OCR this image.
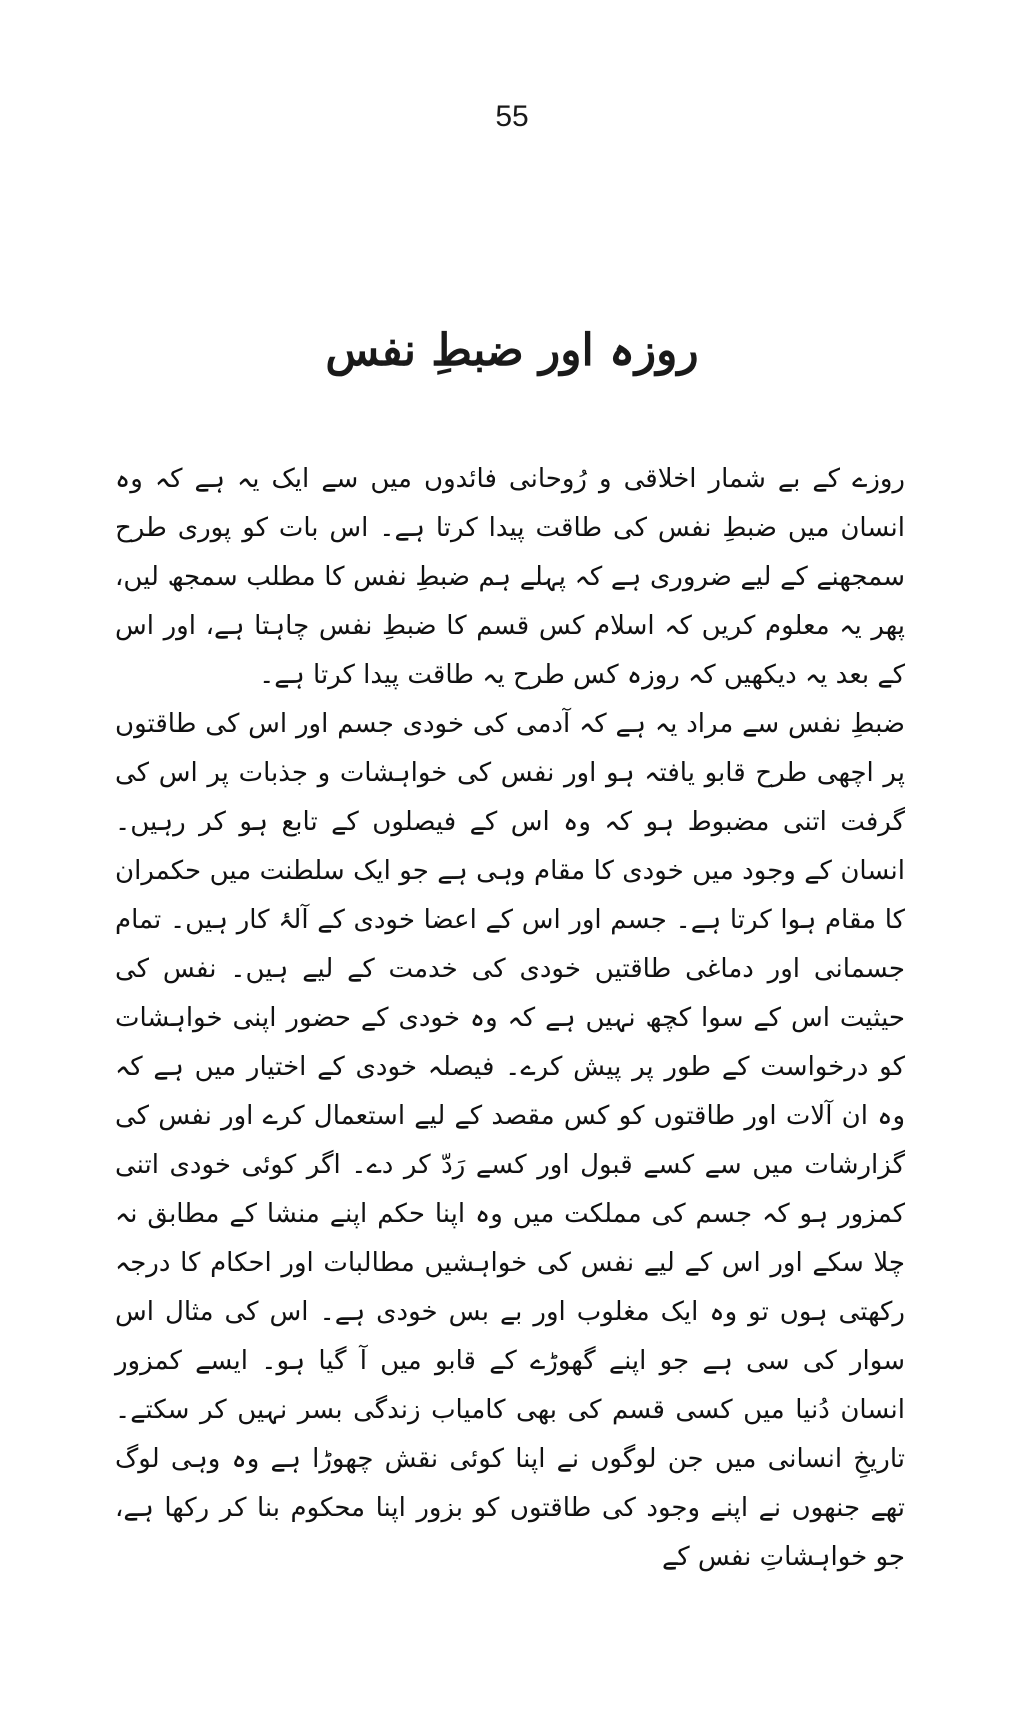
55
روزہ اور ضبطِ نفس

روزے کے بے شمار اخلاقی و رُوحانی فائدوں میں سے ایک یہ ہے کہ وہ انسان میں ضبطِ نفس کی طاقت پیدا کرتا ہے۔ اس بات کو پوری طرح سمجھنے کے لیے ضروری ہے کہ پہلے ہم ضبطِ نفس کا مطلب سمجھ لیں، پھر یہ معلوم کریں کہ اسلام کس قسم کا ضبطِ نفس چاہتا ہے، اور اس کے بعد یہ دیکھیں کہ روزہ کس طرح یہ طاقت پیدا کرتا ہے۔

ضبطِ نفس سے مراد یہ ہے کہ آدمی کی خودی جسم اور اس کی طاقتوں پر اچھی طرح قابو یافتہ ہو اور نفس کی خواہشات و جذبات پر اس کی گرفت اتنی مضبوط ہو کہ وہ اس کے فیصلوں کے تابع ہو کر رہیں۔ انسان کے وجود میں خودی کا مقام وہی ہے جو ایک سلطنت میں حکمران کا مقام ہوا کرتا ہے۔ جسم اور اس کے اعضا خودی کے آلۂ کار ہیں۔ تمام جسمانی اور دماغی طاقتیں خودی کی خدمت کے لیے ہیں۔ نفس کی حیثیت اس کے سوا کچھ نہیں ہے کہ وہ خودی کے حضور اپنی خواہشات کو درخواست کے طور پر پیش کرے۔ فیصلہ خودی کے اختیار میں ہے کہ وہ ان آلات اور طاقتوں کو کس مقصد کے لیے استعمال کرے اور نفس کی گزارشات میں سے کسے قبول اور کسے رَدّ کر دے۔ اگر کوئی خودی اتنی کمزور ہو کہ جسم کی مملکت میں وہ اپنا حکم اپنے منشا کے مطابق نہ چلا سکے اور اس کے لیے نفس کی خواہشیں مطالبات اور احکام کا درجہ رکھتی ہوں تو وہ ایک مغلوب اور بے بس خودی ہے۔ اس کی مثال اس سوار کی سی ہے جو اپنے گھوڑے کے قابو میں آ گیا ہو۔ ایسے کمزور انسان دُنیا میں کسی قسم کی بھی کامیاب زندگی بسر نہیں کر سکتے۔ تاریخِ انسانی میں جن لوگوں نے اپنا کوئی نقش چھوڑا ہے وہ وہی لوگ تھے جنھوں نے اپنے وجود کی طاقتوں کو بزور اپنا محکوم بنا کر رکھا ہے، جو خواہشاتِ نفس کے
